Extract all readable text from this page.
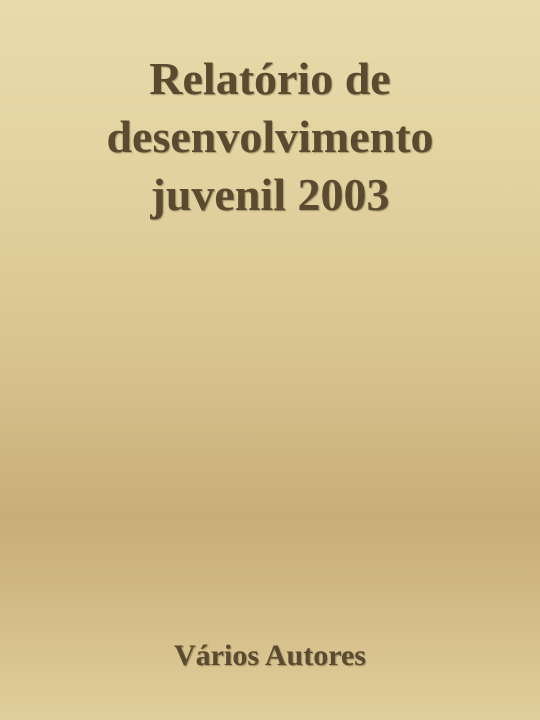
Relatório de
desenvolvimento
juvenil 2003

Vários Autores
